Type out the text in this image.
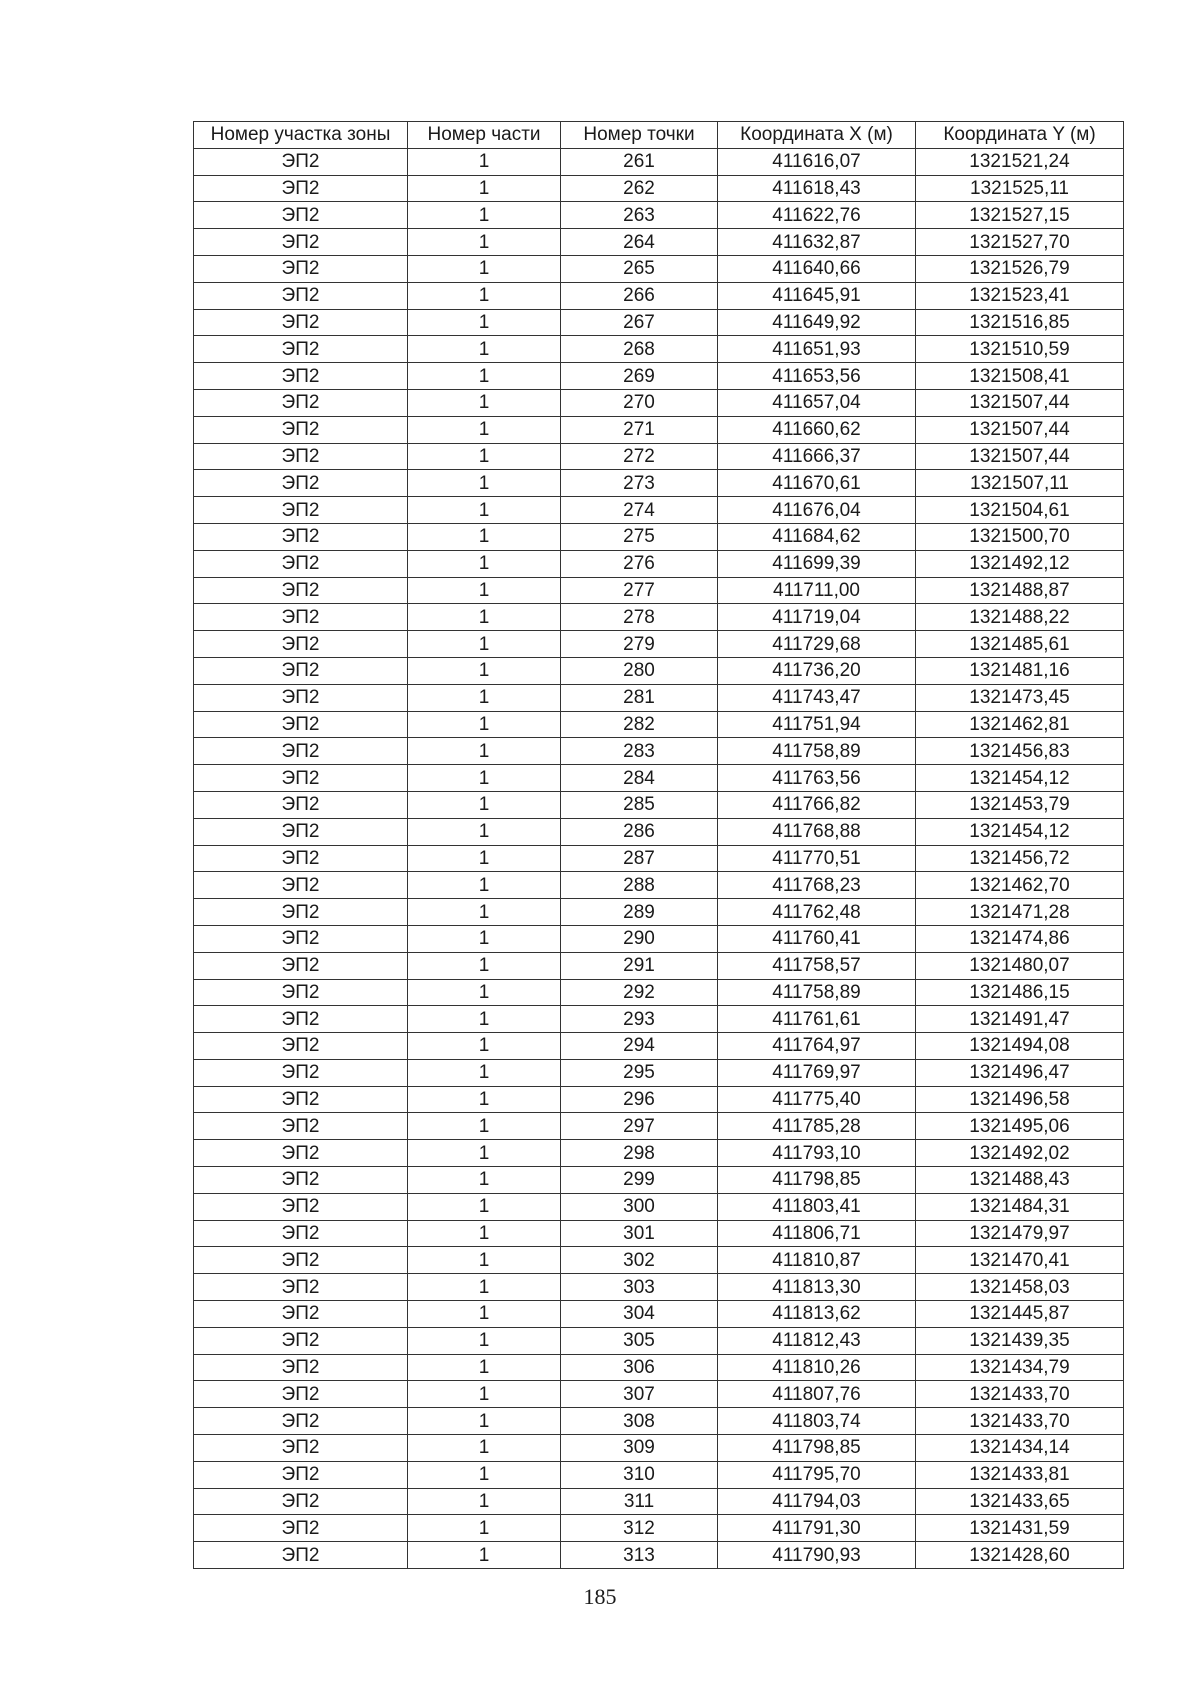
Номер участка зоны	Номер части	Номер точки	Координата X (м)	Координата Y (м)
ЭП2	1	261	411616,07	1321521,24
ЭП2	1	262	411618,43	1321525,11
ЭП2	1	263	411622,76	1321527,15
ЭП2	1	264	411632,87	1321527,70
ЭП2	1	265	411640,66	1321526,79
ЭП2	1	266	411645,91	1321523,41
ЭП2	1	267	411649,92	1321516,85
ЭП2	1	268	411651,93	1321510,59
ЭП2	1	269	411653,56	1321508,41
ЭП2	1	270	411657,04	1321507,44
ЭП2	1	271	411660,62	1321507,44
ЭП2	1	272	411666,37	1321507,44
ЭП2	1	273	411670,61	1321507,11
ЭП2	1	274	411676,04	1321504,61
ЭП2	1	275	411684,62	1321500,70
ЭП2	1	276	411699,39	1321492,12
ЭП2	1	277	411711,00	1321488,87
ЭП2	1	278	411719,04	1321488,22
ЭП2	1	279	411729,68	1321485,61
ЭП2	1	280	411736,20	1321481,16
ЭП2	1	281	411743,47	1321473,45
ЭП2	1	282	411751,94	1321462,81
ЭП2	1	283	411758,89	1321456,83
ЭП2	1	284	411763,56	1321454,12
ЭП2	1	285	411766,82	1321453,79
ЭП2	1	286	411768,88	1321454,12
ЭП2	1	287	411770,51	1321456,72
ЭП2	1	288	411768,23	1321462,70
ЭП2	1	289	411762,48	1321471,28
ЭП2	1	290	411760,41	1321474,86
ЭП2	1	291	411758,57	1321480,07
ЭП2	1	292	411758,89	1321486,15
ЭП2	1	293	411761,61	1321491,47
ЭП2	1	294	411764,97	1321494,08
ЭП2	1	295	411769,97	1321496,47
ЭП2	1	296	411775,40	1321496,58
ЭП2	1	297	411785,28	1321495,06
ЭП2	1	298	411793,10	1321492,02
ЭП2	1	299	411798,85	1321488,43
ЭП2	1	300	411803,41	1321484,31
ЭП2	1	301	411806,71	1321479,97
ЭП2	1	302	411810,87	1321470,41
ЭП2	1	303	411813,30	1321458,03
ЭП2	1	304	411813,62	1321445,87
ЭП2	1	305	411812,43	1321439,35
ЭП2	1	306	411810,26	1321434,79
ЭП2	1	307	411807,76	1321433,70
ЭП2	1	308	411803,74	1321433,70
ЭП2	1	309	411798,85	1321434,14
ЭП2	1	310	411795,70	1321433,81
ЭП2	1	311	411794,03	1321433,65
ЭП2	1	312	411791,30	1321431,59
ЭП2	1	313	411790,93	1321428,60
185
